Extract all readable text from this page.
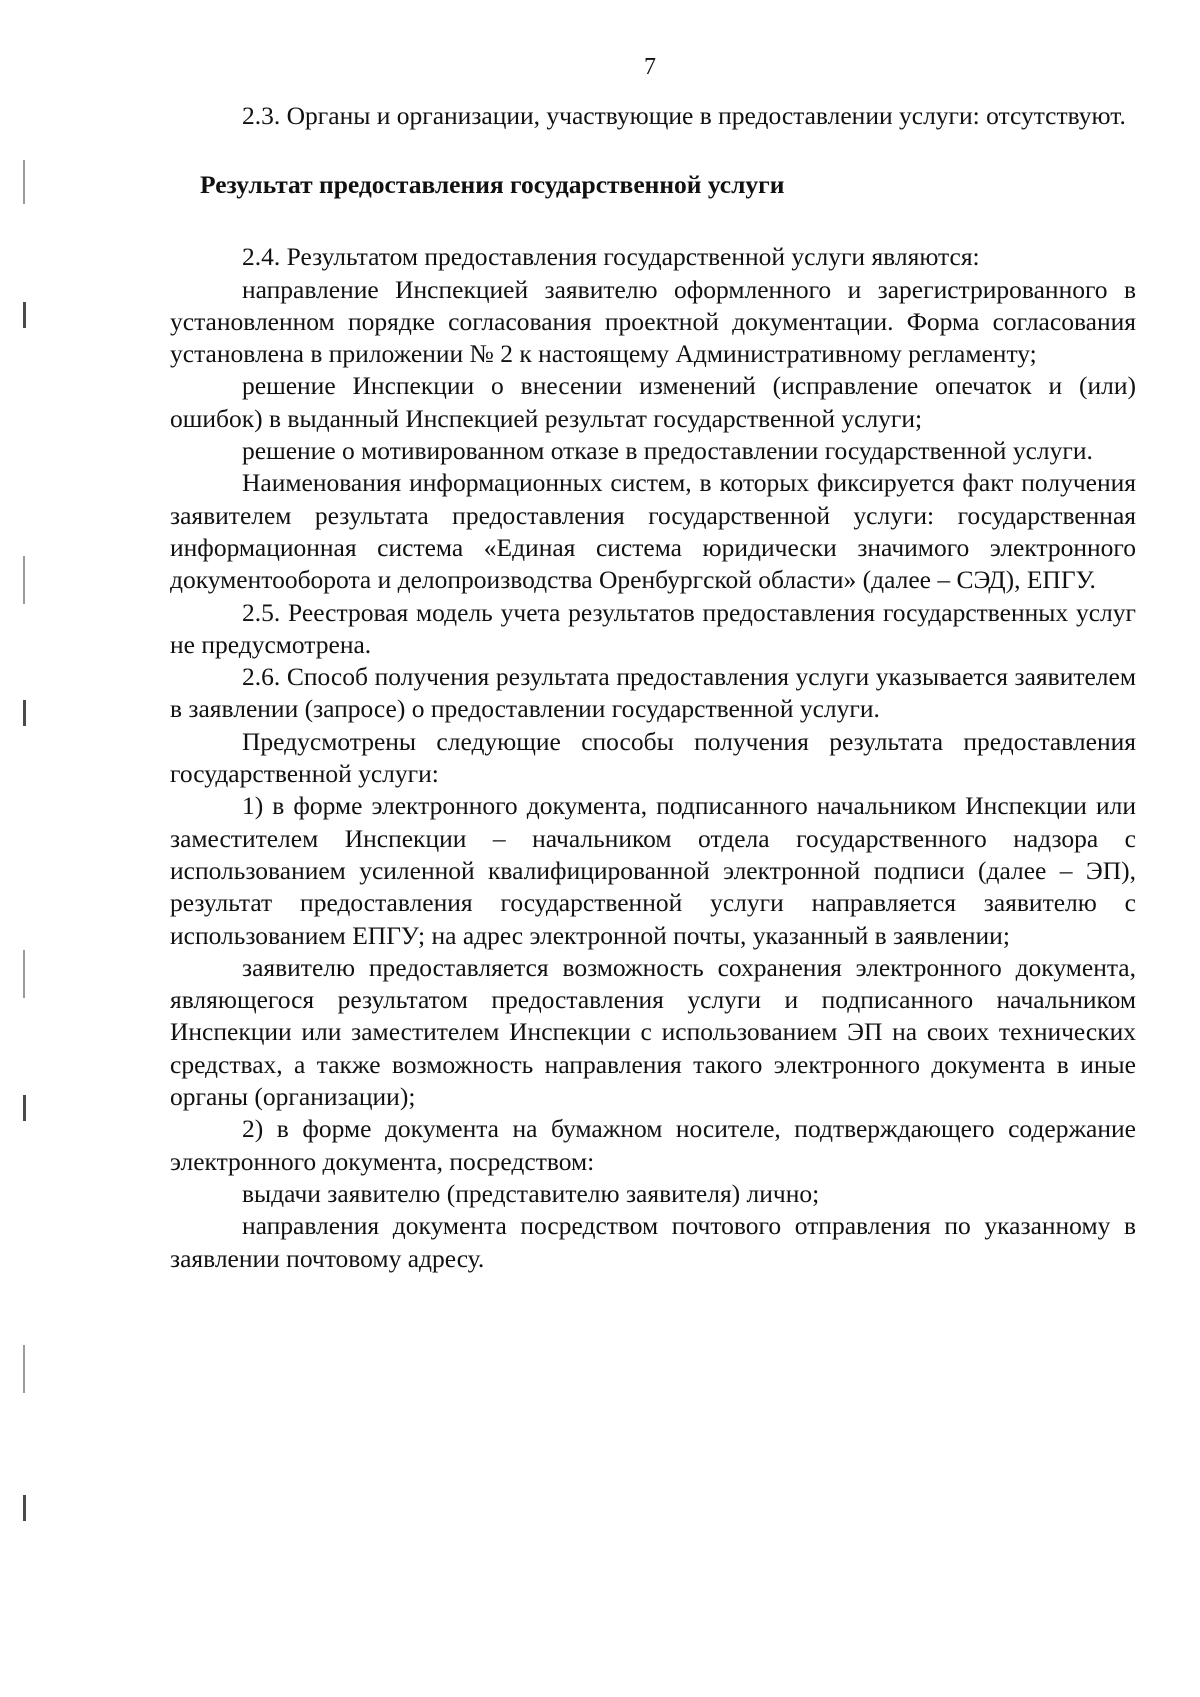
7

2.3. Органы и организации, участвующие в предоставлении услуги: отсутствуют.

Результат предоставления государственной услуги

2.4. Результатом предоставления государственной услуги являются:

направление Инспекцией заявителю оформленного и зарегистрированного в установленном порядке согласования проектной документации. Форма согласования установлена в приложении № 2 к настоящему Административному регламенту;

решение Инспекции о внесении изменений (исправление опечаток и (или) ошибок) в выданный Инспекцией результат государственной услуги;

решение о мотивированном отказе в предоставлении государственной услуги.

Наименования информационных систем, в которых фиксируется факт получения заявителем результата предоставления государственной услуги: государственная информационная система «Единая система юридически значимого электронного документооборота и делопроизводства Оренбургской области» (далее – СЭД), ЕПГУ.

2.5. Реестровая модель учета результатов предоставления государственных услуг не предусмотрена.

2.6. Способ получения результата предоставления услуги указывается заявителем в заявлении (запросе) о предоставлении государственной услуги.

Предусмотрены следующие способы получения результата предоставления государственной услуги:

1) в форме электронного документа, подписанного начальником Инспекции или заместителем Инспекции – начальником отдела государственного надзора с использованием усиленной квалифицированной электронной подписи (далее – ЭП), результат предоставления государственной услуги направляется заявителю с использованием ЕПГУ; на адрес электронной почты, указанный в заявлении;

заявителю предоставляется возможность сохранения электронного документа, являющегося результатом предоставления услуги и подписанного начальником Инспекции или заместителем Инспекции с использованием ЭП на своих технических средствах, а также возможность направления такого электронного документа в иные органы (организации);

2) в форме документа на бумажном носителе, подтверждающего содержание электронного документа, посредством:

выдачи заявителю (представителю заявителя) лично;

направления документа посредством почтового отправления по указанному в заявлении почтовому адресу.
